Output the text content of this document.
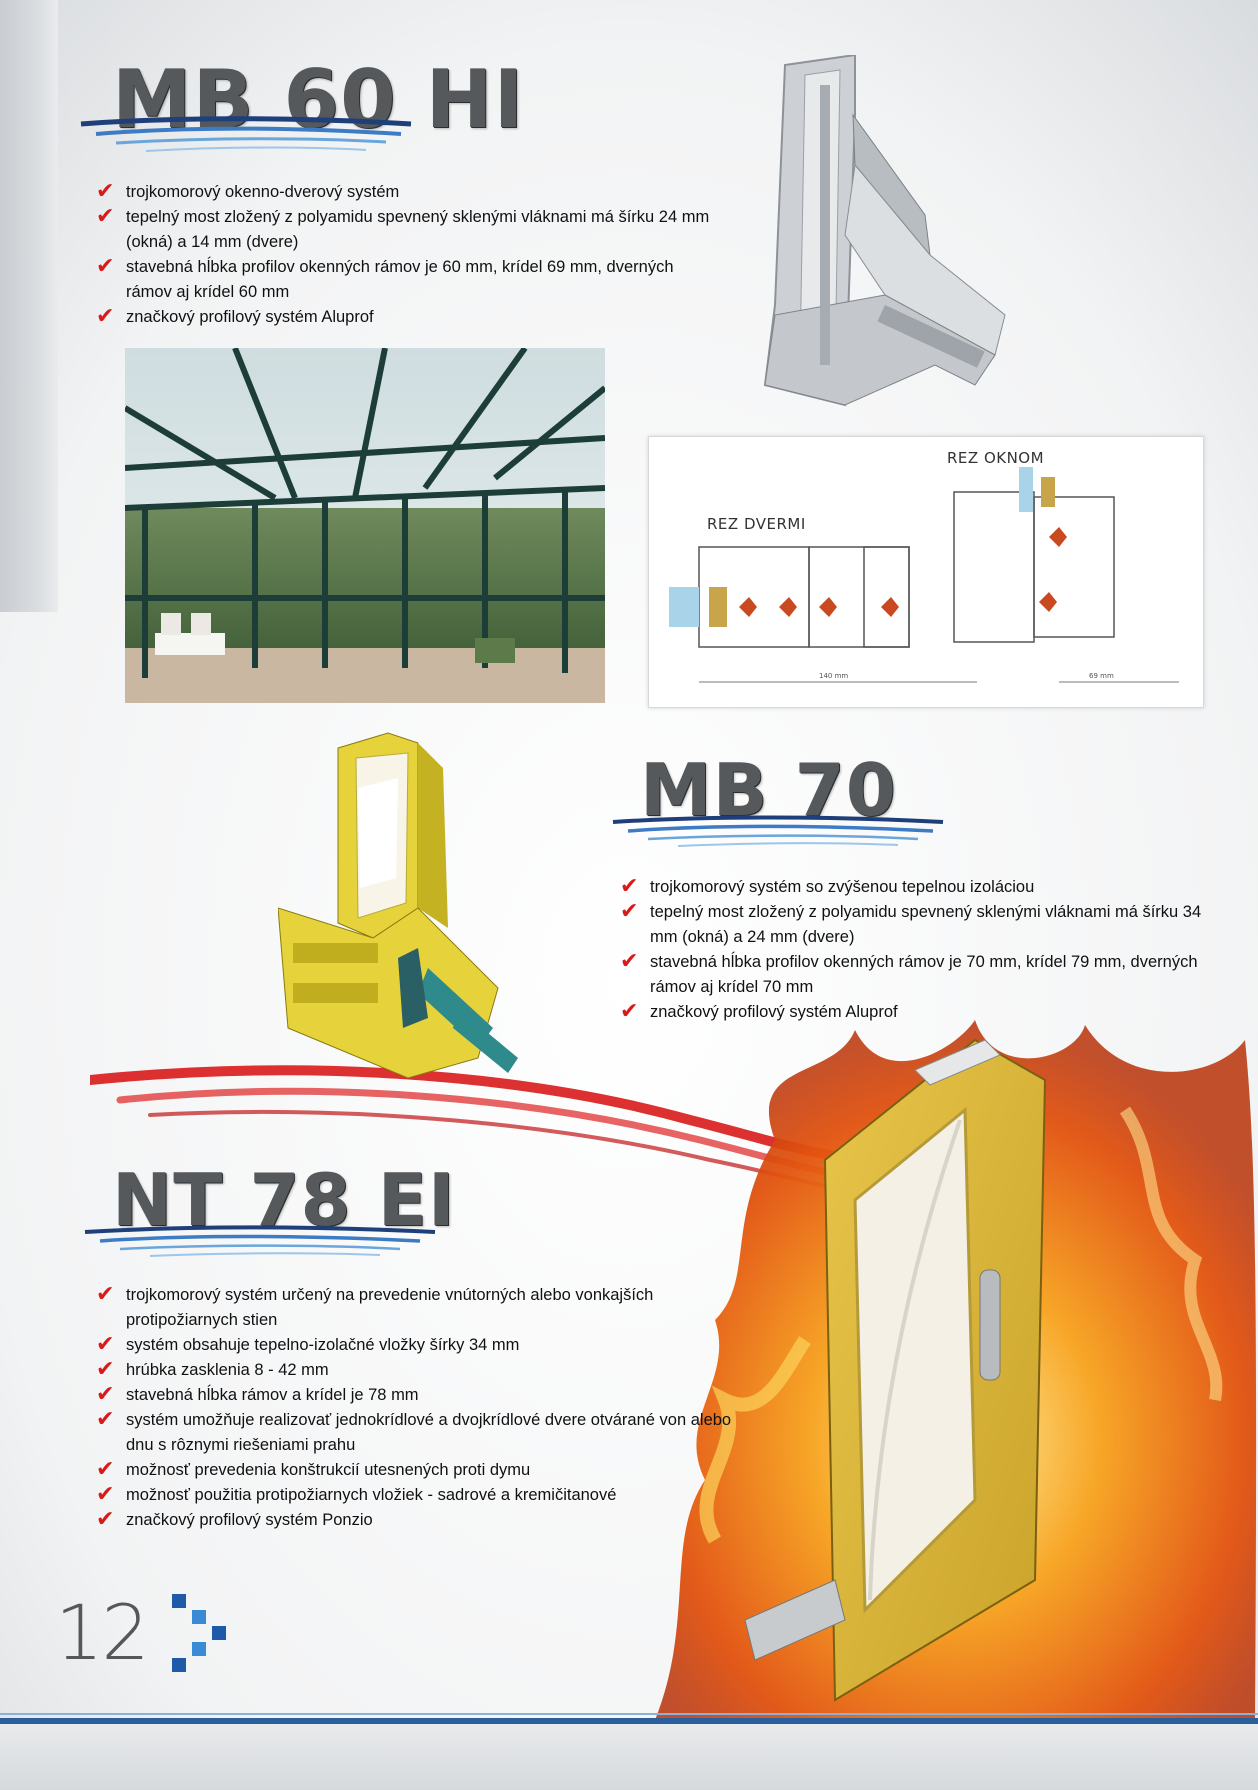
MB 60 HI
✔ trojkomorový okenno-dverový systém
✔ tepelný most zložený z polyamidu spevnený sklenými vláknami má šírku 24 mm (okná) a 14 mm (dvere)
✔ stavebná hĺbka profilov okenných rámov je 60 mm, krídel 69 mm, dverných rámov aj krídel 60 mm
✔ značkový profilový systém Aluprof
REZ OKNOM
REZ DVERMI
140 mm	69 mm
MB 70
✔ trojkomorový systém so zvýšenou tepelnou izoláciou
✔ tepelný most zložený z polyamidu spevnený sklenými vláknami má šírku 34 mm (okná) a 24 mm (dvere)
✔ stavebná hĺbka profilov okenných rámov je 70 mm, krídel 79 mm, dverných rámov aj krídel 70 mm
✔ značkový profilový systém Aluprof
NT 78 EI
✔ trojkomorový systém určený na prevedenie vnútorných alebo vonkajších protipožiarnych stien
✔ systém obsahuje tepelno-izolačné vložky šírky 34 mm
✔ hrúbka zasklenia 8 - 42 mm
✔ stavebná hĺbka rámov a krídel je 78 mm
✔ systém umožňuje realizovať jednokrídlové a dvojkrídlové dvere otvárané von alebo dnu s rôznymi riešeniami prahu
✔ možnosť prevedenia konštrukcií utesnených proti dymu
✔ možnosť použitia protipožiarnych vložiek - sadrové a kremičitanové
✔ značkový profilový systém Ponzio
12
